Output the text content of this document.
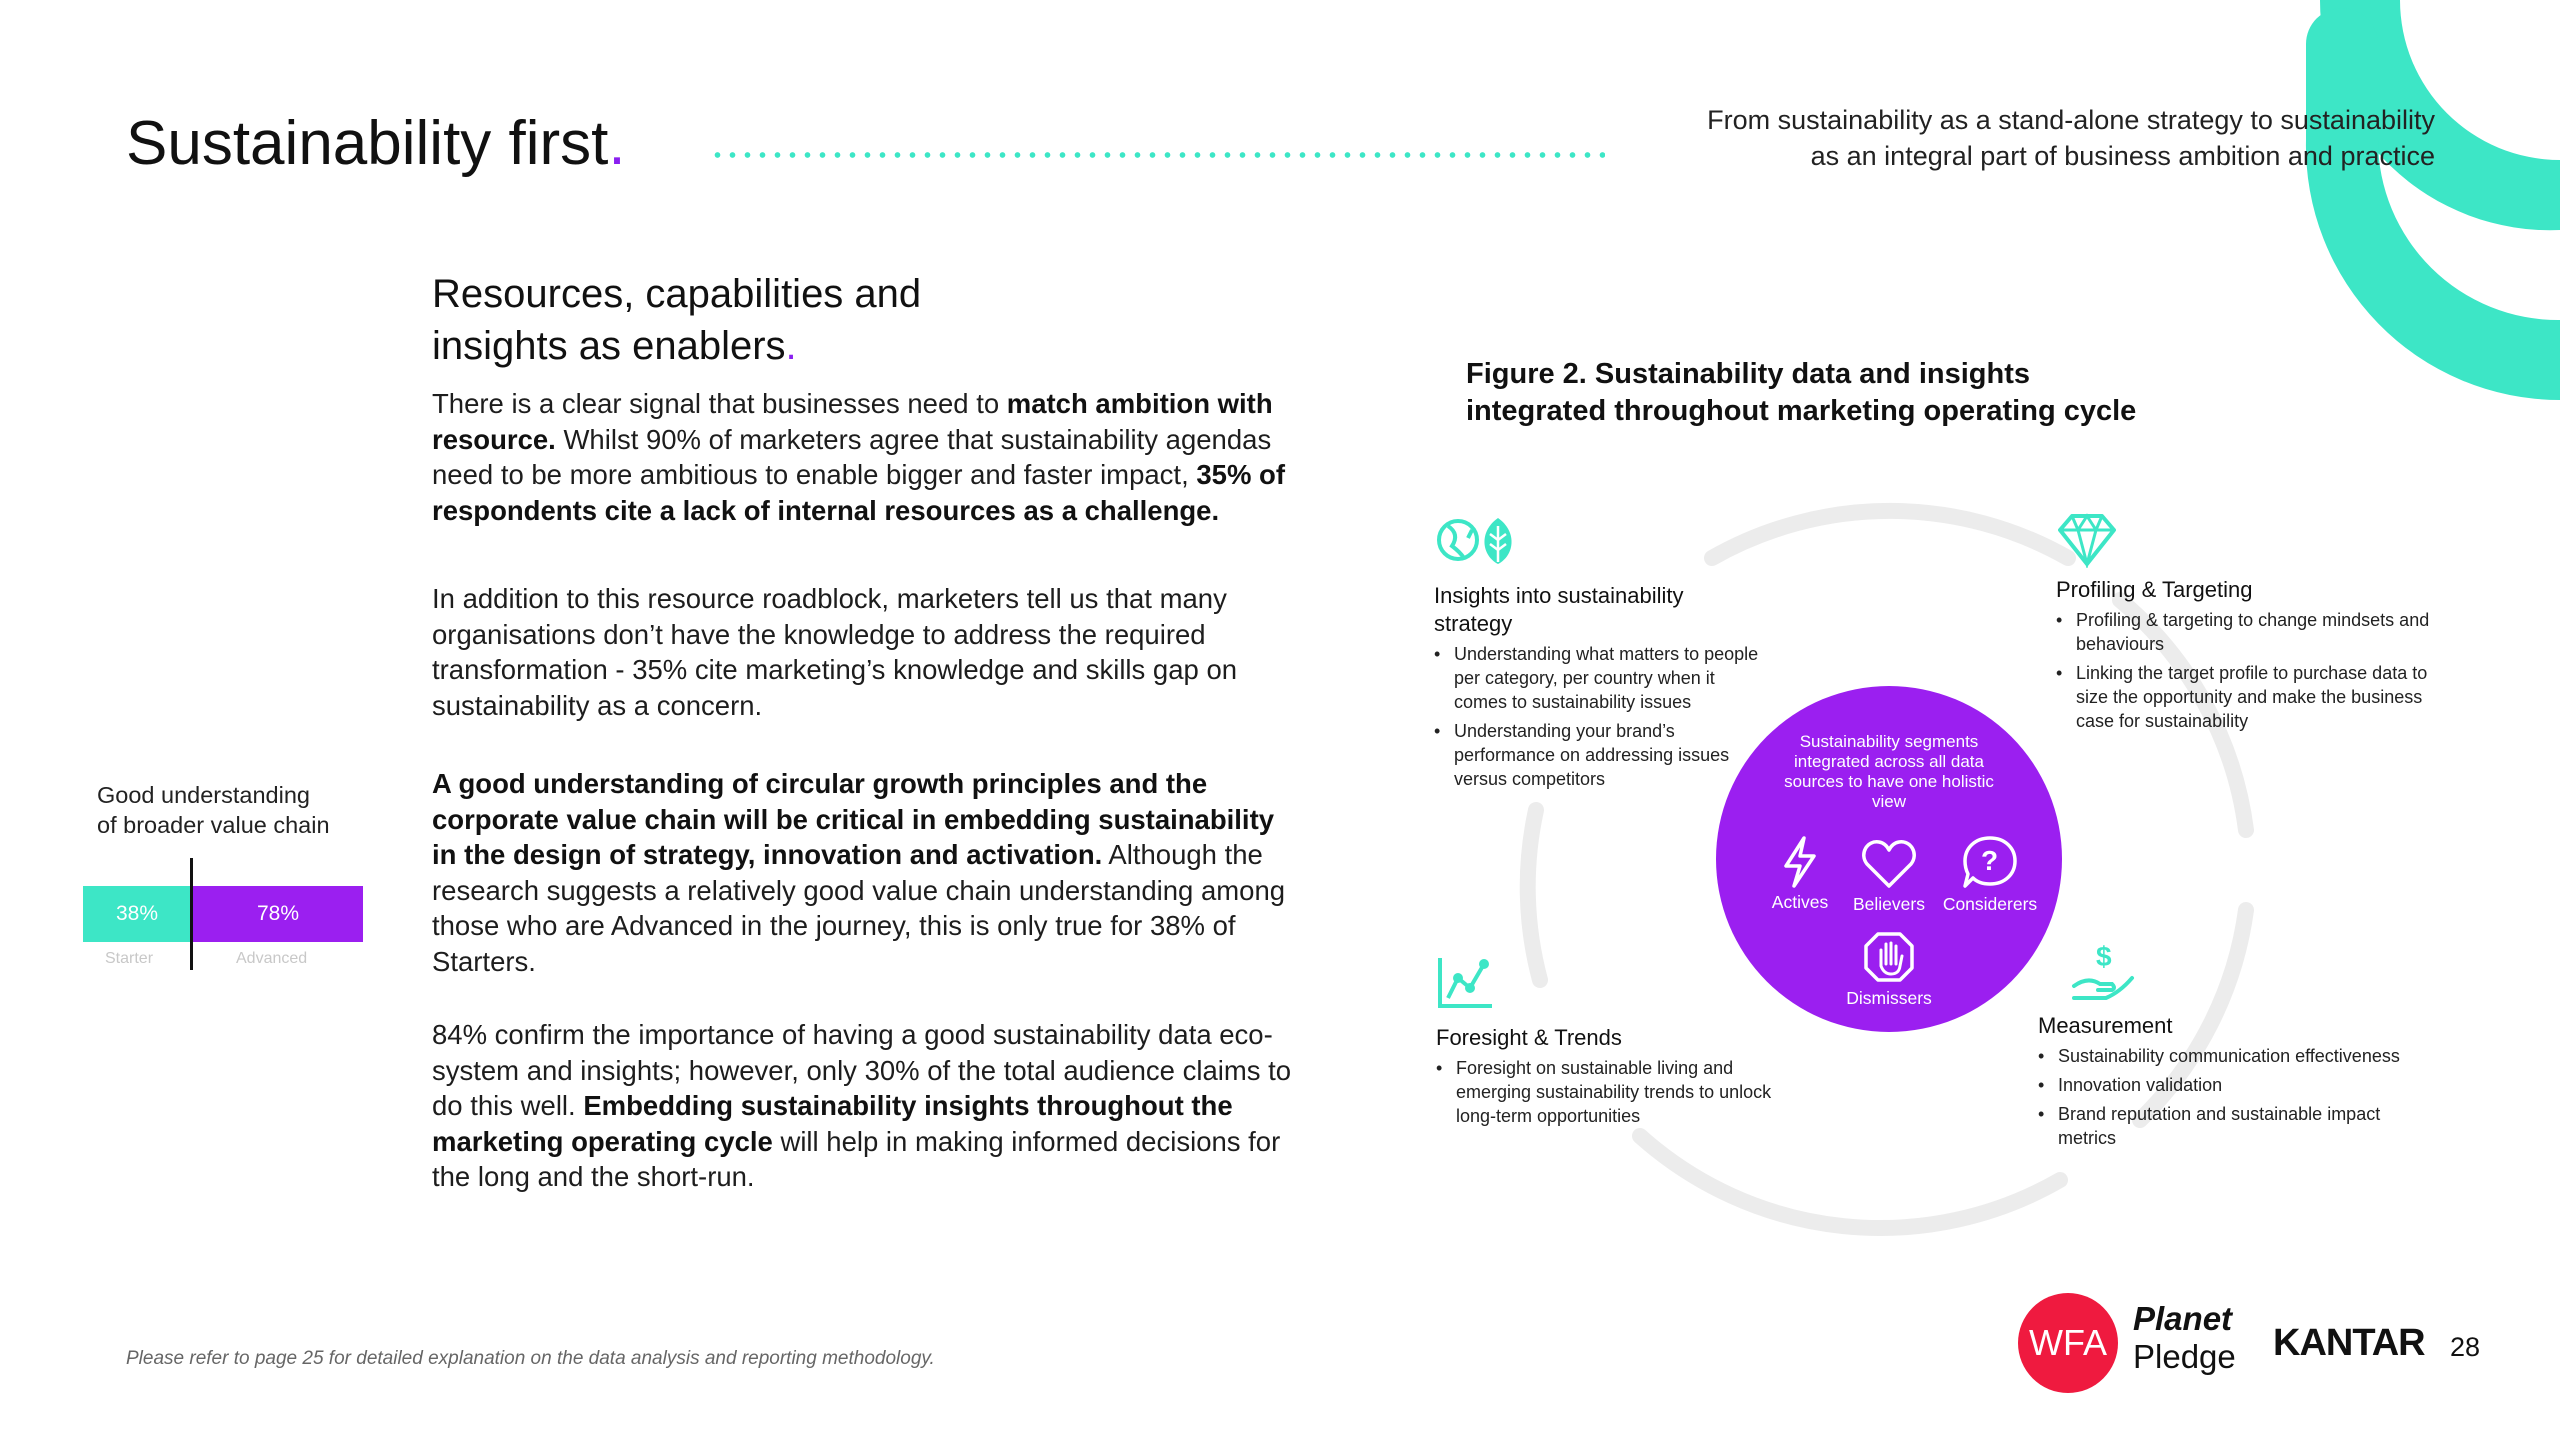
Sustainability first.	From sustainability as a stand-alone strategy to sustainability
as an integral part of business ambition and practice
Resources, capabilities and
insights as enablers.
There is a clear signal that businesses need to match ambition with resource. Whilst 90% of marketers agree that sustainability agendas need to be more ambitious to enable bigger and faster impact, 35% of respondents cite a lack of internal resources as a challenge.
In addition to this resource roadblock, marketers tell us that many organisations don’t have the knowledge to address the required transformation - 35% cite marketing’s knowledge and skills gap on sustainability as a concern.
A good understanding of circular growth principles and the corporate value chain will be critical in embedding sustainability in the design of strategy, innovation and activation. Although the research suggests a relatively good value chain understanding among those who are Advanced in the journey, this is only true for 38% of Starters.
84% confirm the importance of having a good sustainability data eco-system and insights; however, only 30% of the total audience claims to do this well. Embedding sustainability insights throughout the marketing operating cycle will help in making informed decisions for the long and the short-run.
Good understanding
of broader value chain
38%	78%
Starter	Advanced
Figure 2. Sustainability data and insights
integrated throughout marketing operating cycle
Insights into sustainability
strategy
• Understanding what matters to people per category, per country when it comes to sustainability issues
• Understanding your brand’s performance on addressing issues versus competitors
Profiling & Targeting
• Profiling & targeting to change mindsets and behaviours
• Linking the target profile to purchase data to size the opportunity and make the business case for sustainability
Foresight & Trends
• Foresight on sustainable living and emerging sustainability trends to unlock long-term opportunities
$
Measurement
• Sustainability communication effectiveness
• Innovation validation
• Brand reputation and sustainable impact metrics
Sustainability segments integrated across all data sources to have one holistic view
Actives	Believers
?
Considerers
Dismissers
Please refer to page 25 for detailed explanation on the data analysis and reporting methodology.	WFA
Planet
Pledge KANTAR 28
